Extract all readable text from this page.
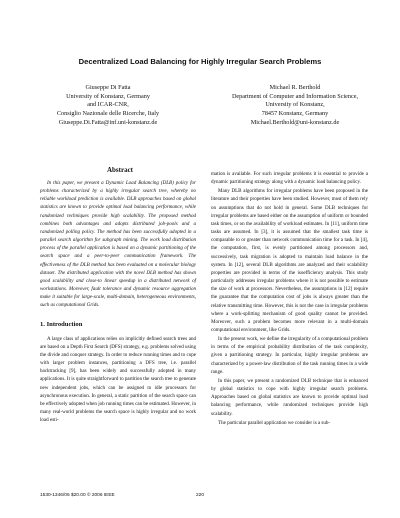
Decentralized Load Balancing for Highly Irregular Search Problems
Giuseppe Di Fatta
University of Konstanz, Germany
and ICAR-CNR,
Consiglio Nazionale delle Ricerche, Italy
Giuseppe.Di.Fatta@inf.uni-konstanz.de
Michael R. Berthold
Department of Computer and Information Science,
University of Konstanz,
78457 Konstanz, Germany
Michael.Berthold@uni-konstanz.de
Abstract

In this paper, we present a Dynamic Load Balancing (DLB) policy for problems characterized by a highly irregular search tree, whereby no reliable workload prediction is available. DLB approaches based on global statistics are known to provide optimal load balancing performance, while randomized techniques provide high scalability. The proposed method combines both advantages and adopts distributed job-pools and a randomized polling policy. The method has been successfully adopted in a parallel search algorithm for subgraph mining. The work load distribution process of the parallel application is based on a dynamic partitioning of the search space and a peer-to-peer communication framework. The effectiveness of the DLB method has been evaluated on a molecular biology dataset. The distributed application with the novel DLB method has shown good scalability and close-to linear speedup in a distributed network of workstations. Moreover, fault tolerance and dynamic resource aggregation make it suitable for large-scale, multi-domain, heterogeneous environments, such as computational Grids.

1. Introduction

A large class of applications relies on implicitly defined search trees and are based on a Depth First Search (DFS) strategy, e.g. problems solved using the divide and conquer strategy. In order to reduce running times and to cope with larger problem instances, partitioning a DFS tree, i.e. parallel backtracking [9], has been widely and successfully adopted in many applications. It is quite straightforward to partition the search tree to generate new independent jobs, which can be assigned to idle processors for asynchronous execution. In general, a static partition of the search space can be effectively adopted when job running times can be estimated. However, in many real-world problems the search space is highly irregular and no work load esti-

mation is available. For such irregular problems it is essential to provide a dynamic partitioning strategy along with a dynamic load balancing policy.

Many DLB algorithms for irregular problems have been proposed in the literature and their properties have been studied. However, most of them rely on assumptions that do not hold in general. Some DLB techniques for irregular problems are based either on the assumption of uniform or bounded task times, or on the availability of workload estimates. In [11], uniform time tasks are assumed. In [3], it is assumed that the smallest task time is comparable to or greater than network communication time for a task. In [4], the computation, first, is evenly partitioned among processors and, successively, task migration is adopted to maintain load balance in the system. In [12], several DLB algorithms are analyzed and their scalability properties are provided in terms of the isoefficiency analysis. This study particularly addresses irregular problems where it is not possible to estimate the size of work at processors. Nevertheless, the assumptions in [12] require the guarantee that the computation cost of jobs is always greater than the relative transmitting time. However, this is not the case in irregular problems where a work-splitting mechanism of good quality cannot be provided. Moreover, such a problem becomes more relevant in a multi-domain computational environment, like Grids.

In the present work, we define the irregularity of a computational problem in terms of the empirical probability distribution of the task complexity, given a partitioning strategy. In particular, highly irregular problems are characterized by a power-law distribution of the task running times in a wide range.

In this paper, we present a randomized DLB technique that is enhanced by global statistics to cope with highly irregular search problems. Approaches based on global statistics are known to provide optimal load balancing performance, while randomized techniques provide high scalability.

The particular parallel application we consider is a sub-

1530-1346/06 $20.00 © 2006 IEEE	220
